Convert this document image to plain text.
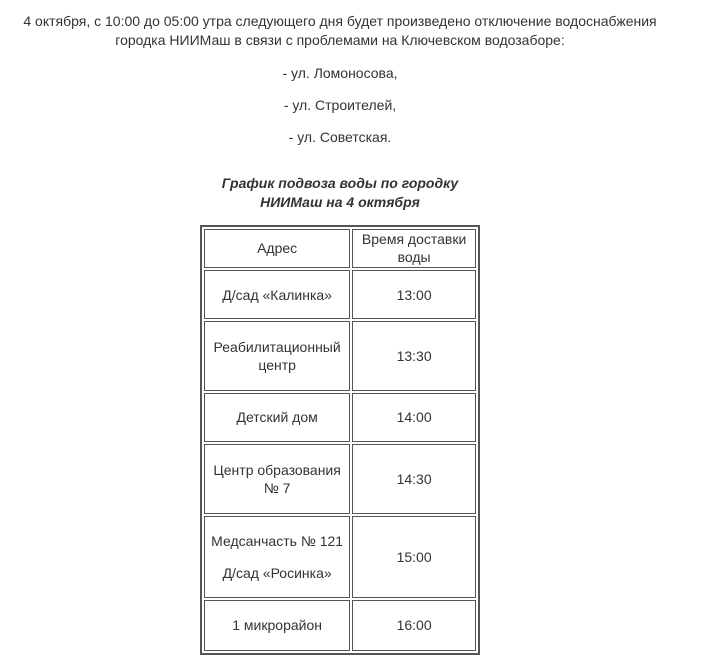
4 октября, с 10:00 до 05:00 утра следующего дня будет произведено отключение водоснабжения
городка НИИМаш в связи с проблемами на Ключевском водозаборе:
- ул. Ломоносова,
- ул. Строителей,
- ул. Советская.
График подвоза воды по городку
НИИМаш на 4 октября
Адрес	Время доставки
воды

Д/сад «Калинка»	13:00

Реабилитационный
центр	13:30
Детский дом	14:00

Центр образования
№ 7	14:30

Медсанчасть № 121
Д/сад «Росинка»	15:00
1 микрорайон	16:00
